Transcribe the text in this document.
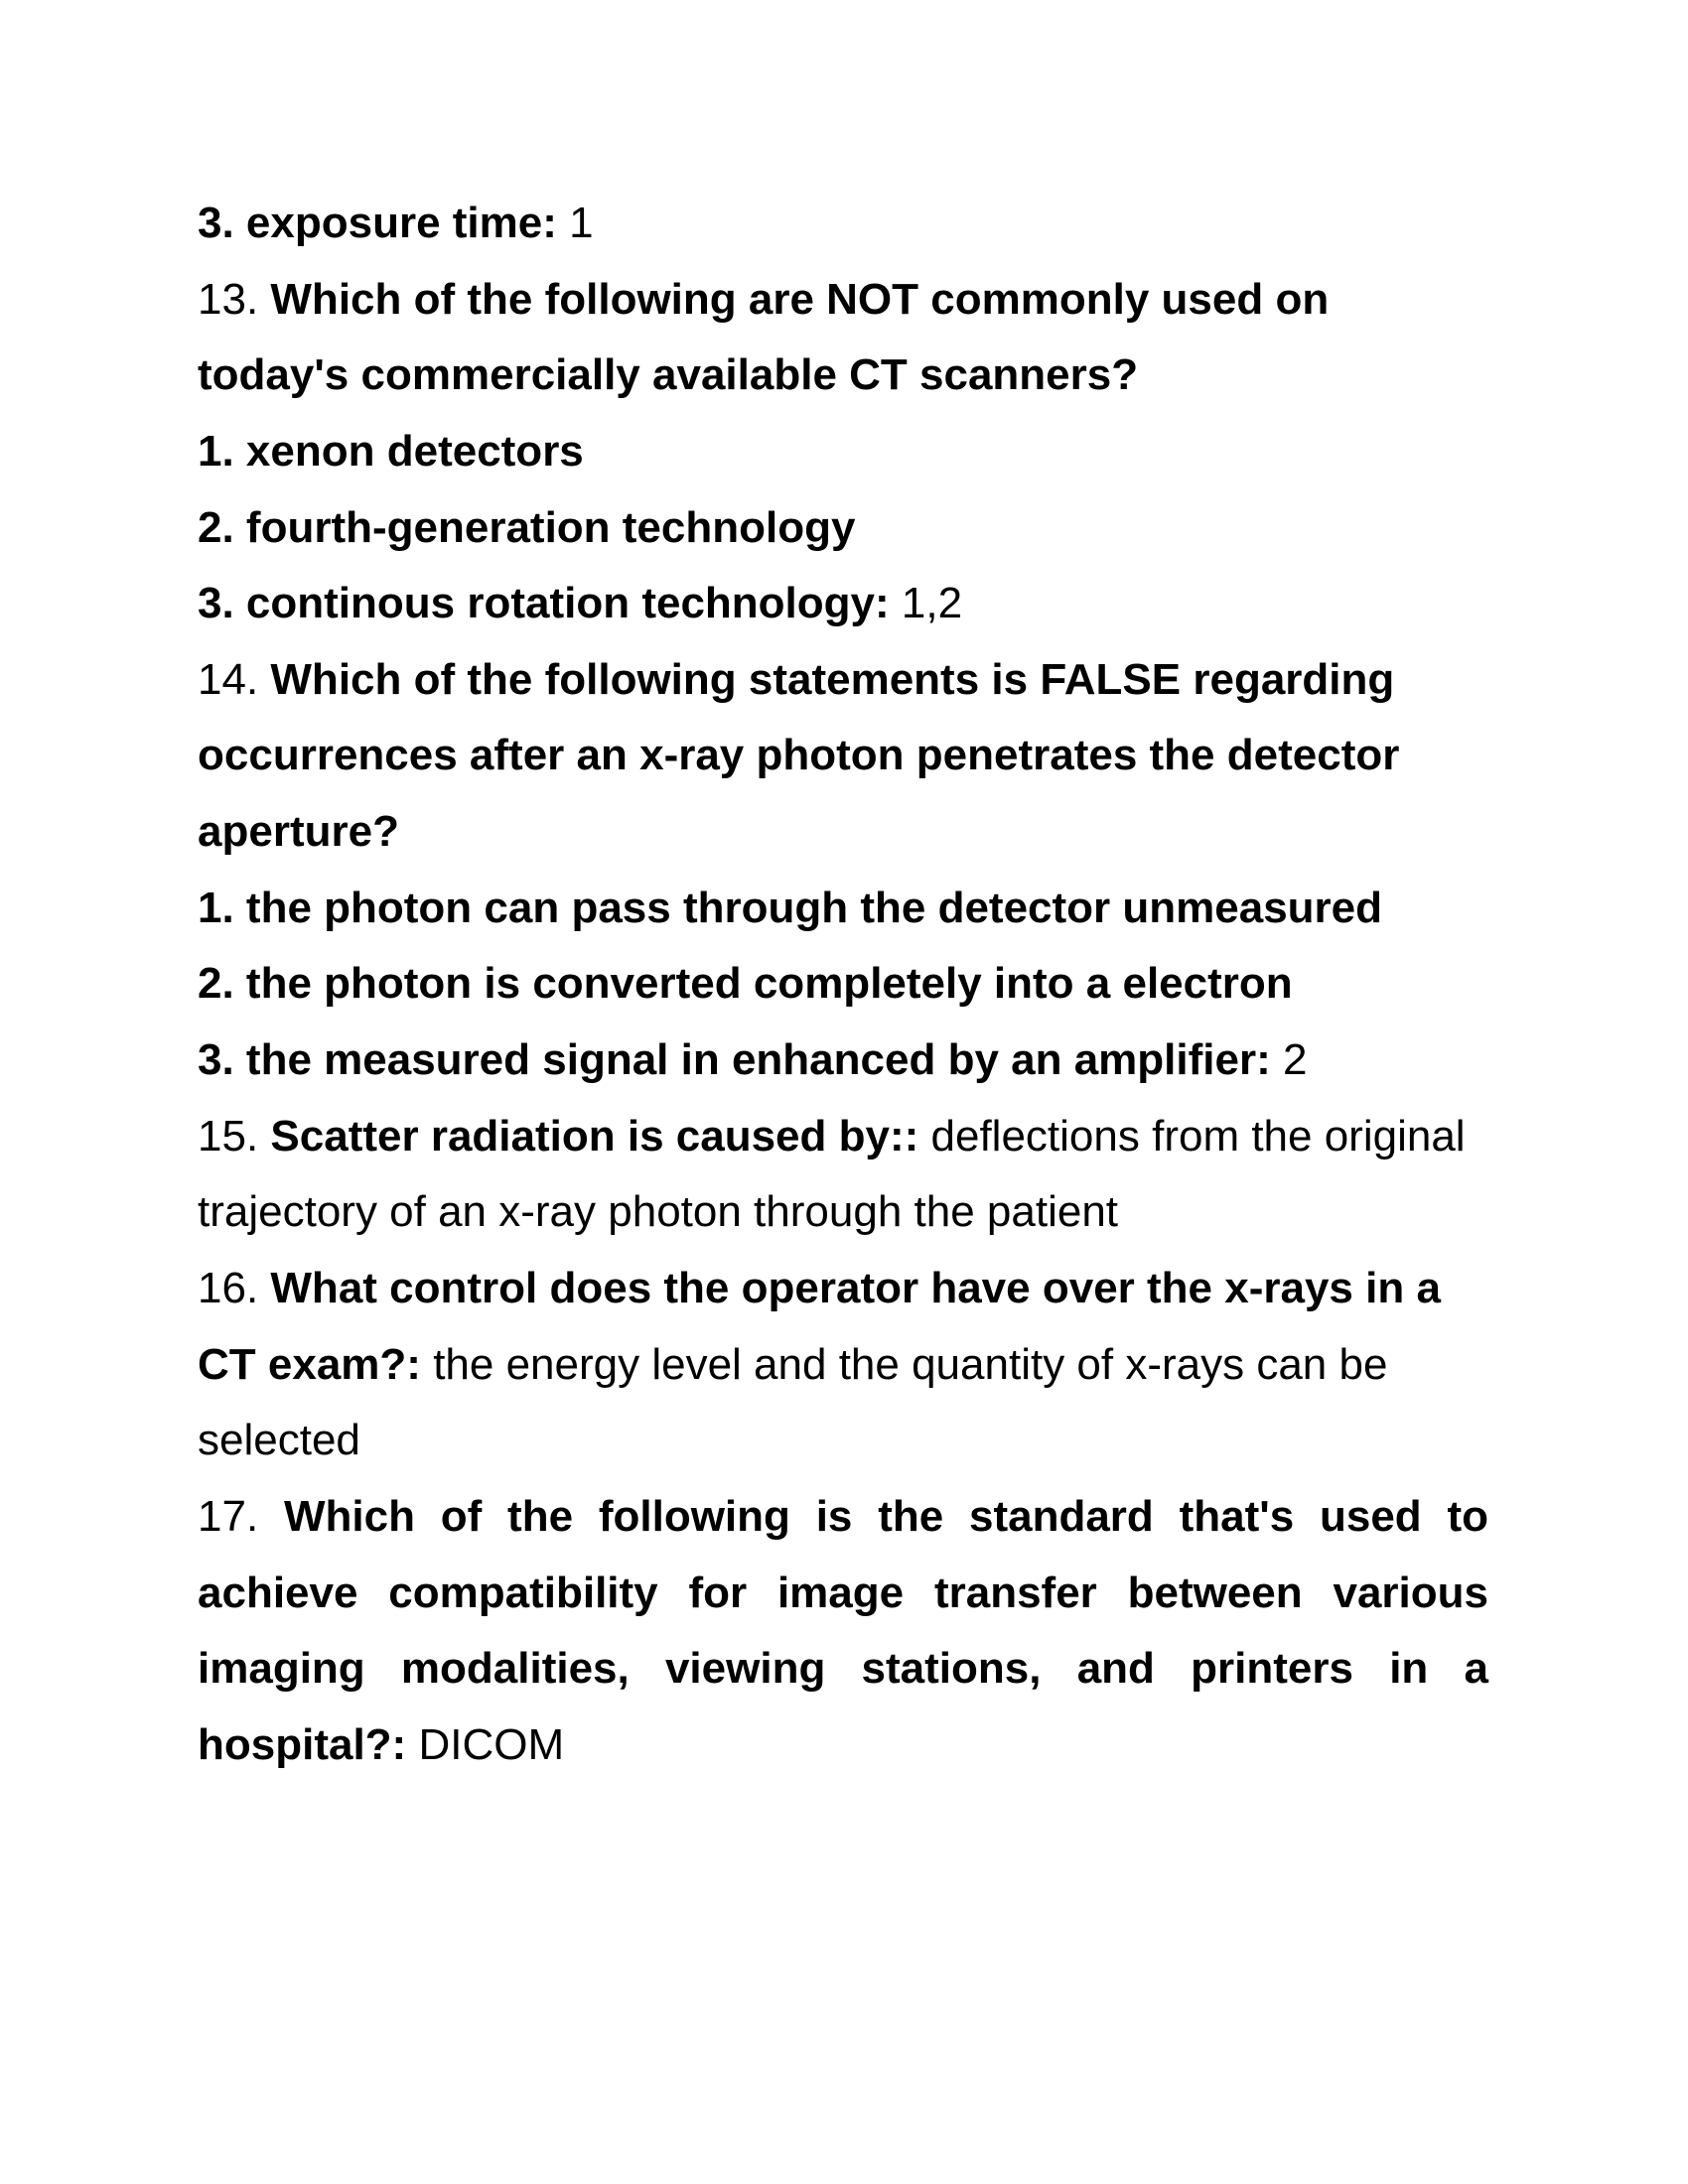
3. exposure time: 1
13. Which of the following are NOT commonly used on
today's commercially available CT scanners?
1. xenon detectors
2. fourth-generation technology
3. continous rotation technology: 1,2
14. Which of the following statements is FALSE regarding
occurrences after an x-ray photon penetrates the detector
aperture?
1. the photon can pass through the detector unmeasured
2. the photon is converted completely into a electron
3. the measured signal in enhanced by an amplifier: 2
15. Scatter radiation is caused by:: deflections from the original
trajectory of an x-ray photon through the patient
16. What control does the operator have over the x-rays in a
CT exam?: the energy level and the quantity of x-rays can be
selected
17. Which of the following is the standard that's used to
achieve compatibility for image transfer between various
imaging modalities, viewing stations, and printers in a
hospital?: DICOM
